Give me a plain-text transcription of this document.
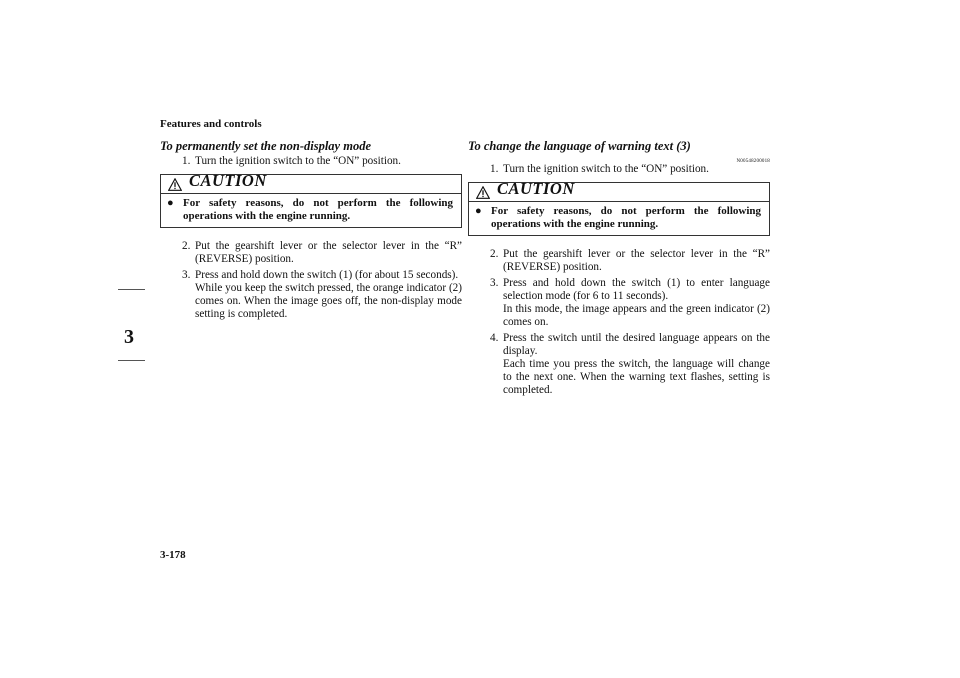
Features and controls
3
To permanently set the non-display mode
1. Turn the ignition switch to the “ON” position.
CAUTION
● For safety reasons, do not perform the following operations with the engine running.
2. Put the gearshift lever or the selector lever in the “R” (REVERSE) position.
3. Press and hold down the switch (1) (for about 15 seconds).
While you keep the switch pressed, the orange indicator (2) comes on. When the image goes off, the non-display mode setting is completed.
To change the language of warning text (3)
N00548200018
1. Turn the ignition switch to the “ON” position.
CAUTION
● For safety reasons, do not perform the following operations with the engine running.
2. Put the gearshift lever or the selector lever in the “R” (REVERSE) position.
3. Press and hold down the switch (1) to enter language selection mode (for 6 to 11 seconds).
In this mode, the image appears and the green indicator (2) comes on.
4. Press the switch until the desired language appears on the display.
Each time you press the switch, the language will change to the next one. When the warning text flashes, setting is completed.
3-178
